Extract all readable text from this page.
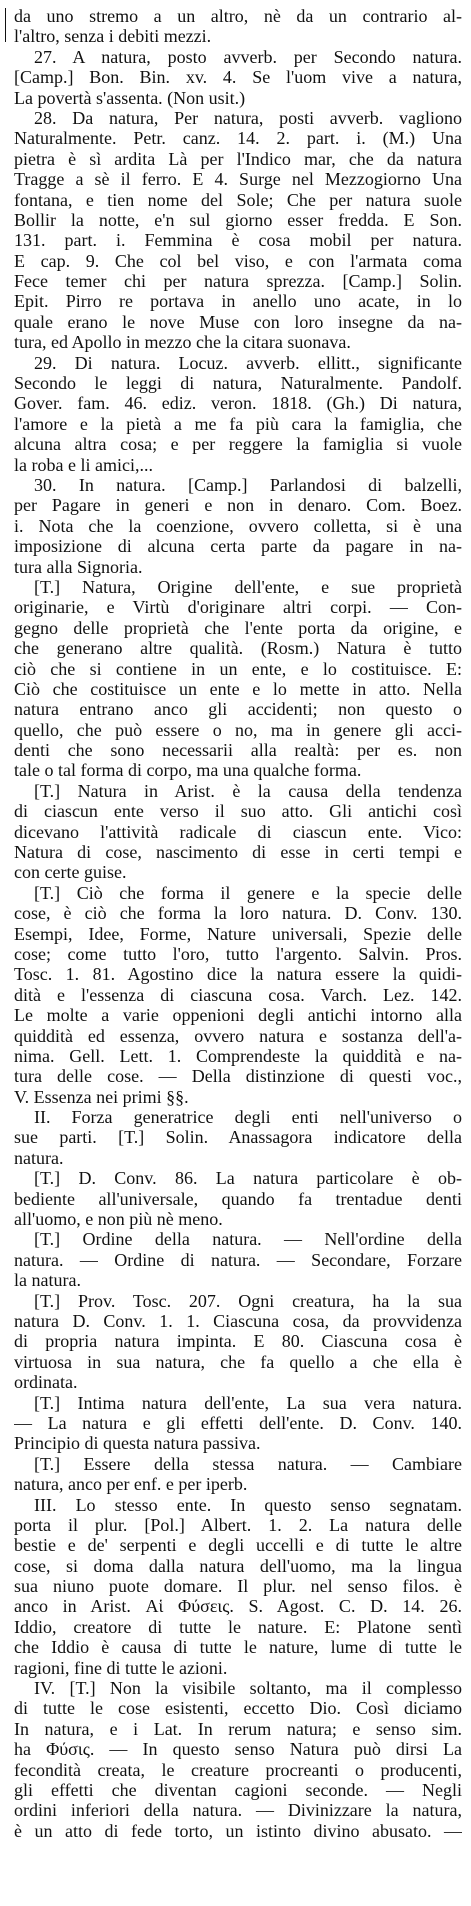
da uno stremo a un altro, nè da un contrario al-
l'altro, senza i debiti mezzi.
27. A natura, posto avverb. per Secondo natura.
[Camp.] Bon. Bin. xv. 4. Se l'uom vive a natura,
La povertà s'assenta. (Non usit.)
28. Da natura, Per natura, posti avverb. vagliono
Naturalmente. Petr. canz. 14. 2. part. i. (M.) Una
pietra è sì ardita Là per l'Indico mar, che da natura
Tragge a sè il ferro. E 4. Surge nel Mezzogiorno Una
fontana, e tien nome del Sole; Che per natura suole
Bollir la notte, e'n sul giorno esser fredda. E Son.
131. part. i. Femmina è cosa mobil per natura.
E cap. 9. Che col bel viso, e con l'armata coma
Fece temer chi per natura sprezza. [Camp.] Solin.
Epit. Pirro re portava in anello uno acate, in lo
quale erano le nove Muse con loro insegne da na-
tura, ed Apollo in mezzo che la citara suonava.
29. Di natura. Locuz. avverb. ellitt., significante
Secondo le leggi di natura, Naturalmente. Pandolf.
Gover. fam. 46. ediz. veron. 1818. (Gh.) Di natura,
l'amore e la pietà a me fa più cara la famiglia, che
alcuna altra cosa; e per reggere la famiglia si vuole
la roba e li amici,...
30. In natura. [Camp.] Parlandosi di balzelli,
per Pagare in generi e non in denaro. Com. Boez.
i. Nota che la coenzione, ovvero colletta, si è una
imposizione di alcuna certa parte da pagare in na-
tura alla Signoria.
[T.] Natura, Origine dell'ente, e sue proprietà
originarie, e Virtù d'originare altri corpi. — Con-
gegno delle proprietà che l'ente porta da origine, e
che generano altre qualità. (Rosm.) Natura è tutto
ciò che si contiene in un ente, e lo costituisce. E:
Ciò che costituisce un ente e lo mette in atto. Nella
natura entrano anco gli accidenti; non questo o
quello, che può essere o no, ma in genere gli acci-
denti che sono necessarii alla realtà: per es. non
tale o tal forma di corpo, ma una qualche forma.
[T.] Natura in Arist. è la causa della tendenza
di ciascun ente verso il suo atto. Gli antichi così
dicevano l'attività radicale di ciascun ente. Vico:
Natura di cose, nascimento di esse in certi tempi e
con certe guise.
[T.] Ciò che forma il genere e la specie delle
cose, è ciò che forma la loro natura. D. Conv. 130.
Esempi, Idee, Forme, Nature universali, Spezie delle
cose; come tutto l'oro, tutto l'argento. Salvin. Pros.
Tosc. 1. 81. Agostino dice la natura essere la quidi-
dità e l'essenza di ciascuna cosa. Varch. Lez. 142.
Le molte a varie oppenioni degli antichi intorno alla
quiddità ed essenza, ovvero natura e sostanza dell'a-
nima. Gell. Lett. 1. Comprendeste la quiddità e na-
tura delle cose. — Della distinzione di questi voc.,
V. Essenza nei primi §§.
II. Forza generatrice degli enti nell'universo o
sue parti. [T.] Solin. Anassagora indicatore della
natura.
[T.] D. Conv. 86. La natura particolare è ob-
bediente all'universale, quando fa trentadue denti
all'uomo, e non più nè meno.
[T.] Ordine della natura. — Nell'ordine della
natura. — Ordine di natura. — Secondare, Forzare
la natura.
[T.] Prov. Tosc. 207. Ogni creatura, ha la sua
natura D. Conv. 1. 1. Ciascuna cosa, da provvidenza
di propria natura impinta. E 80. Ciascuna cosa è
virtuosa in sua natura, che fa quello a che ella è
ordinata.
[T.] Intima natura dell'ente, La sua vera natura.
— La natura e gli effetti dell'ente. D. Conv. 140.
Principio di questa natura passiva.
[T.] Essere della stessa natura. — Cambiare
natura, anco per enf. e per iperb.
III. Lo stesso ente. In questo senso segnatam.
porta il plur. [Pol.] Albert. 1. 2. La natura delle
bestie e de' serpenti e degli uccelli e di tutte le altre
cose, si doma dalla natura dell'uomo, ma la lingua
sua niuno puote domare. Il plur. nel senso filos. è
anco in Arist. Αἱ Φύσεις. S. Agost. C. D. 14. 26.
Iddio, creatore di tutte le nature. E: Platone sentì
che Iddio è causa di tutte le nature, lume di tutte le
ragioni, fine di tutte le azioni.
IV. [T.] Non la visibile soltanto, ma il complesso
di tutte le cose esistenti, eccetto Dio. Così diciamo
In natura, e i Lat. In rerum natura; e senso sim.
ha Φύσις. — In questo senso Natura può dirsi La
fecondità creata, le creature procreanti o producenti,
gli effetti che diventan cagioni seconde. — Negli
ordini inferiori della natura. — Divinizzare la natura,
è un atto di fede torto, un istinto divino abusato. —
